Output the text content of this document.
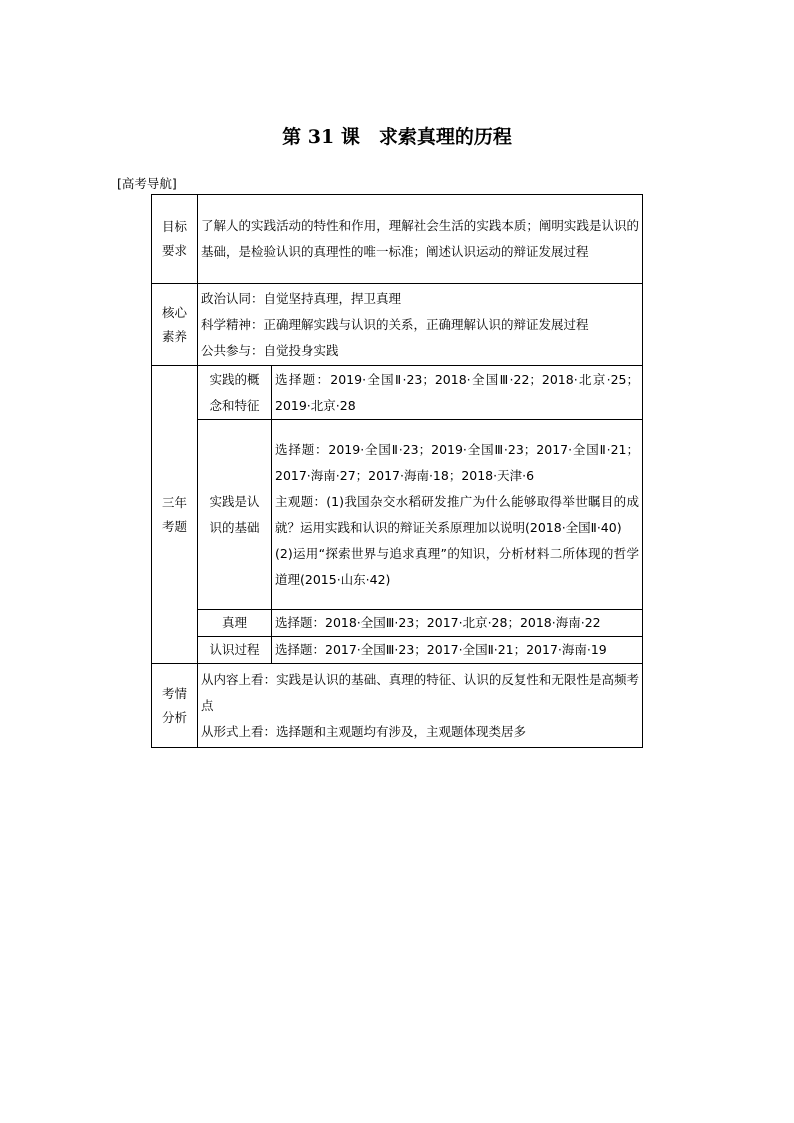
第 31 课　求索真理的历程
[高考导航]
目标
要求	了解人的实践活动的特性和作用，理解社会生活的实践本质；阐明实践是认识的基础，是检验认识的真理性的唯一标准；阐述认识运动的辩证发展过程	

核心
素养	政治认同：自觉坚持真理，捍卫真理
科学精神：正确理解实践与认识的关系，正确理解认识的辩证发展过程
公共参与：自觉投身实践	

三年
考题	实践的概
念和特征	选择题：2019·全国Ⅱ·23；2018·全国Ⅲ·22；2018·北京·25；2019·北京·28

	实践是认
识的基础	选择题：2019·全国Ⅱ·23；2019·全国Ⅲ·23；2017·全国Ⅱ·21；2017·海南·27；2017·海南·18；2018·天津·6
主观题：(1)我国杂交水稻研发推广为什么能够取得举世瞩目的成就？运用实践和认识的辩证关系原理加以说明(2018·全国Ⅱ·40)
(2)运用“探索世界与追求真理”的知识，分析材料二所体现的哲学道理(2015·山东·42)

	真理	选择题：2018·全国Ⅲ·23；2017·北京·28；2018·海南·22

	认识过程	选择题：2017·全国Ⅲ·23；2017·全国Ⅱ·21；2017·海南·19

考情
分析	从内容上看：实践是认识的基础、真理的特征、认识的反复性和无限性是高频考点
从形式上看：选择题和主观题均有涉及，主观题体现类居多	
